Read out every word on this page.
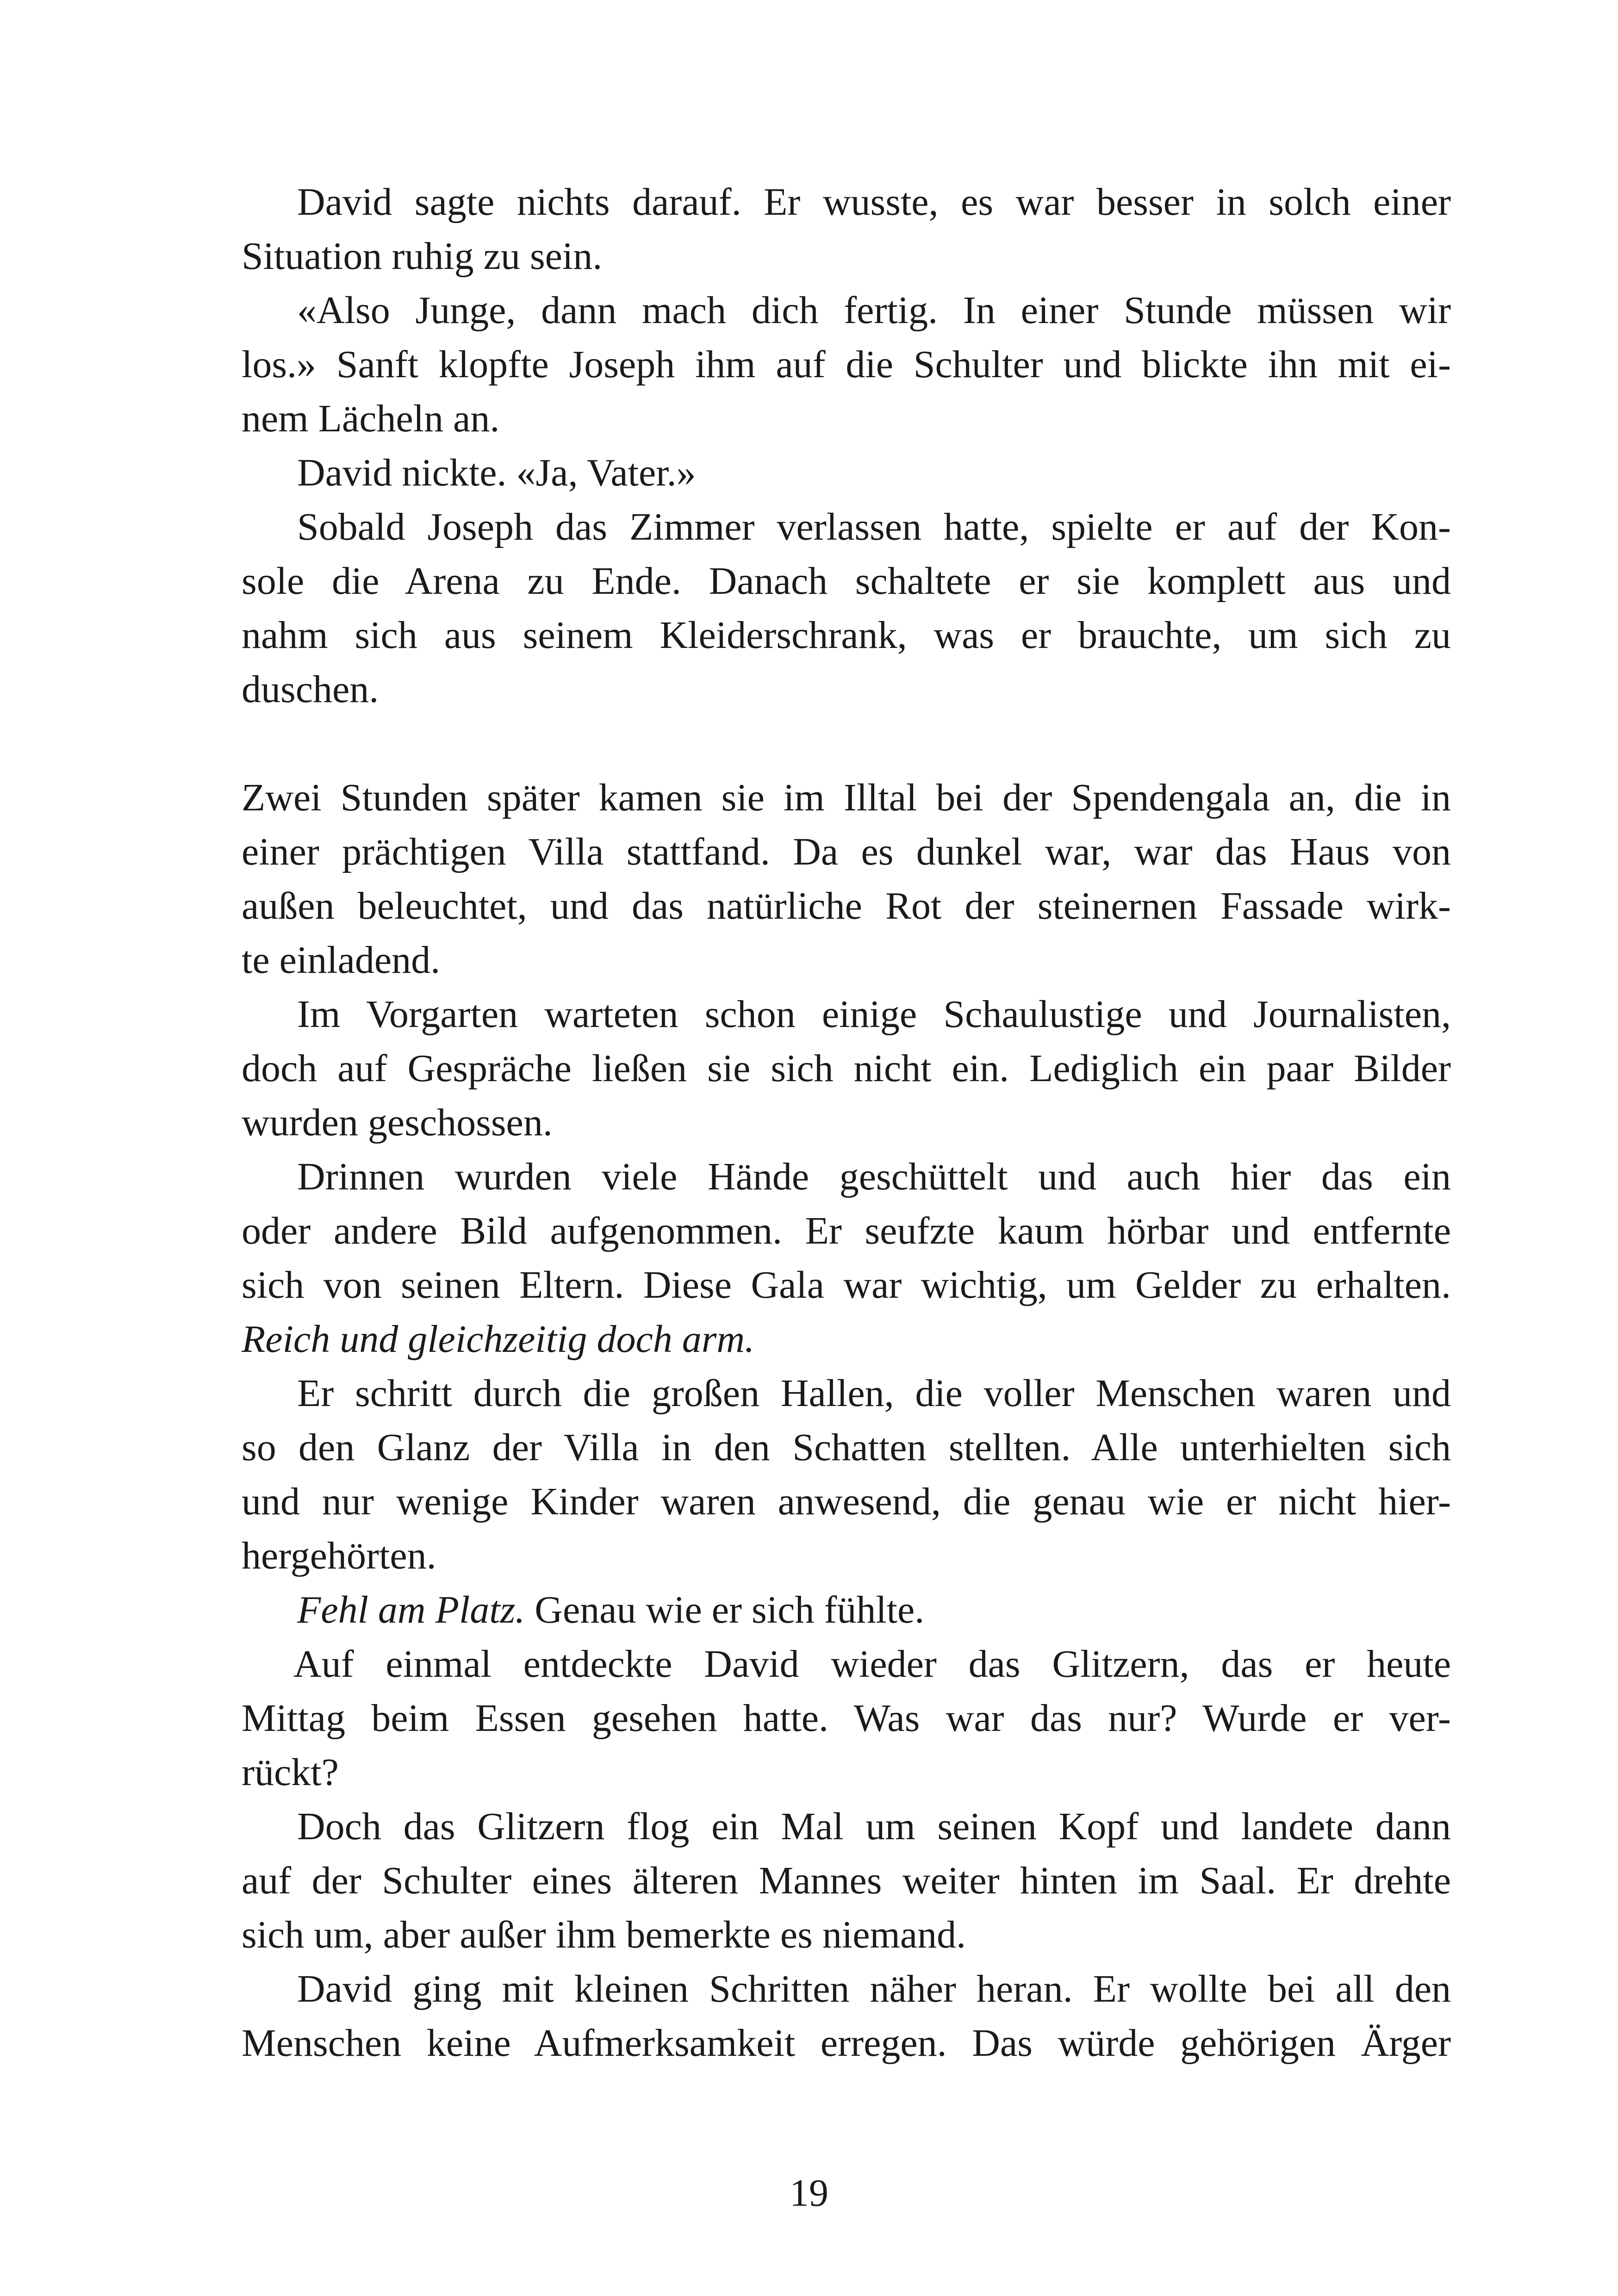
David sagte nichts darauf. Er wusste, es war besser in solch einer
Situation ruhig zu sein.
«Also Junge, dann mach dich fertig. In einer Stunde müssen wir
los.» Sanft klopfte Joseph ihm auf die Schulter und blickte ihn mit ei-
nem Lächeln an.
David nickte. «Ja, Vater.»
Sobald Joseph das Zimmer verlassen hatte, spielte er auf der Kon-
sole die Arena zu Ende. Danach schaltete er sie komplett aus und
nahm sich aus seinem Kleiderschrank, was er brauchte, um sich zu
duschen.
Zwei Stunden später kamen sie im Illtal bei der Spendengala an, die in
einer prächtigen Villa stattfand. Da es dunkel war, war das Haus von
außen beleuchtet, und das natürliche Rot der steinernen Fassade wirk-
te einladend.
Im Vorgarten warteten schon einige Schaulustige und Journalisten,
doch auf Gespräche ließen sie sich nicht ein. Lediglich ein paar Bilder
wurden geschossen.
Drinnen wurden viele Hände geschüttelt und auch hier das ein
oder andere Bild aufgenommen. Er seufzte kaum hörbar und entfernte
sich von seinen Eltern. Diese Gala war wichtig, um Gelder zu erhalten.
Reich und gleichzeitig doch arm.
Er schritt durch die großen Hallen, die voller Menschen waren und
so den Glanz der Villa in den Schatten stellten. Alle unterhielten sich
und nur wenige Kinder waren anwesend, die genau wie er nicht hier-
hergehörten.
Fehl am Platz. Genau wie er sich fühlte.
Auf einmal entdeckte David wieder das Glitzern, das er heute
Mittag beim Essen gesehen hatte. Was war das nur? Wurde er ver-
rückt?
Doch das Glitzern flog ein Mal um seinen Kopf und landete dann
auf der Schulter eines älteren Mannes weiter hinten im Saal. Er drehte
sich um, aber außer ihm bemerkte es niemand.
David ging mit kleinen Schritten näher heran. Er wollte bei all den
Menschen keine Aufmerksamkeit erregen. Das würde gehörigen Ärger
19
